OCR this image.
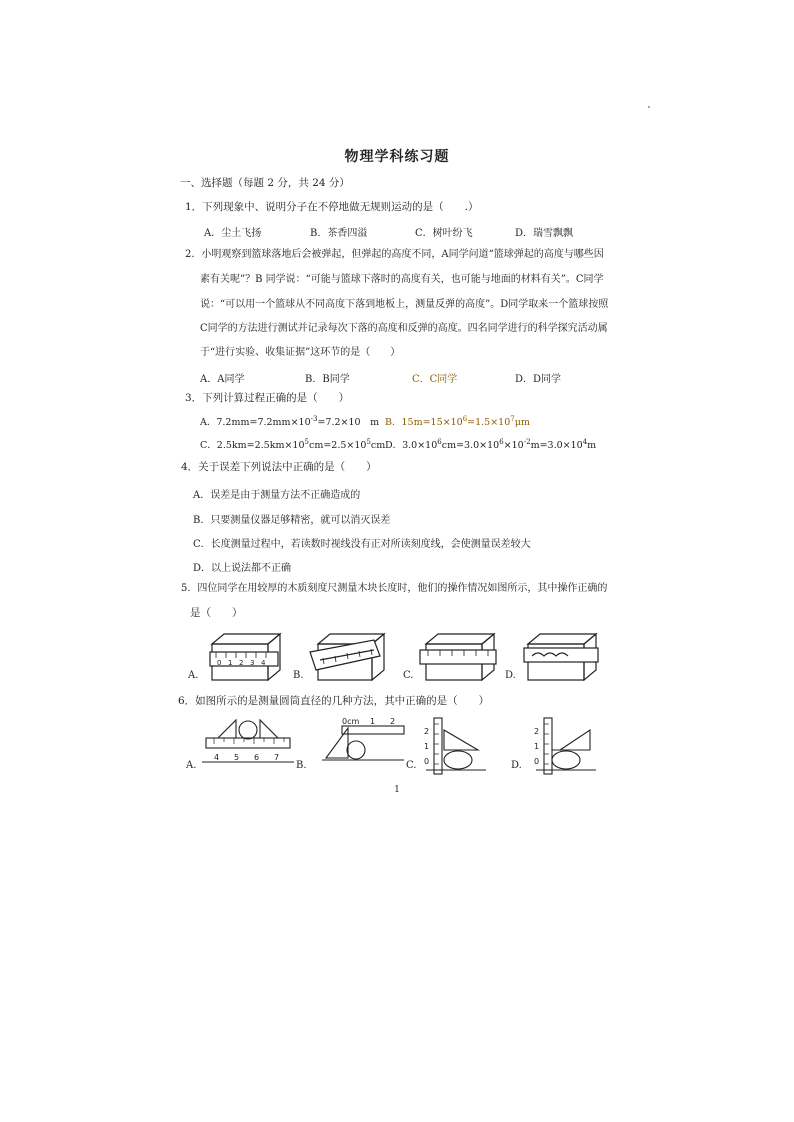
物理学科练习题
一、选择题（每题 2 分，共 24 分）
1．下列现象中、说明分子在不停地做无规则运动的是（　　.）
A．尘土飞扬	B．茶香四溢	C．树叶纷飞	D．瑞雪飘飘
2．小明观察到篮球落地后会被弹起，但弹起的高度不同，A同学问道“篮球弹起的高度与哪些因
素有关呢”？B 同学说：“可能与篮球下落时的高度有关，也可能与地面的材料有关”。C同学
说：“可以用一个篮球从不同高度下落到地板上，测量反弹的高度”。D同学取来一个篮球按照
C同学的方法进行测试并记录每次下落的高度和反弹的高度。四名同学进行的科学探究活动属
于“进行实验、收集证据”这环节的是（　　）
A．A同学	B．B同学	C．C同学	D．D同学
3．下列计算过程正确的是（　　）
A．$7.2mm=7.2mm\times 10^{-3}=7.2\times 10$　m B．$15m=15\times 10^6=1.5\times 10^7\mu m$
C．$2.5km=2.5km\times 10^5cm=2.5\times 10^5cm$ D．$3.0\times 10^6cm=3.0\times 10^6\times 10^{-2}m=3.0\times 10^4m$
4．关于误差下列说法中正确的是（　　）
A．误差是由于测量方法不正确造成的
B．只要测量仪器足够精密，就可以消灭误差
C．长度测量过程中，若读数时视线没有正对所读刻度线，会使测量误差较大
D．以上说法都不正确
5．四位同学在用较厚的木质刻度尺测量木块长度时，他们的操作情况如图所示，其中操作正确的
是（　　）
0 1 2 3 4
A.	B.	C.	D.
6．如图所示的是测量圆筒直径的几种方法，其中正确的是（　　）
4 5 6 7
0cm 1 2
2
1
0
2
1
0
A.	B.	C.	D.
1
